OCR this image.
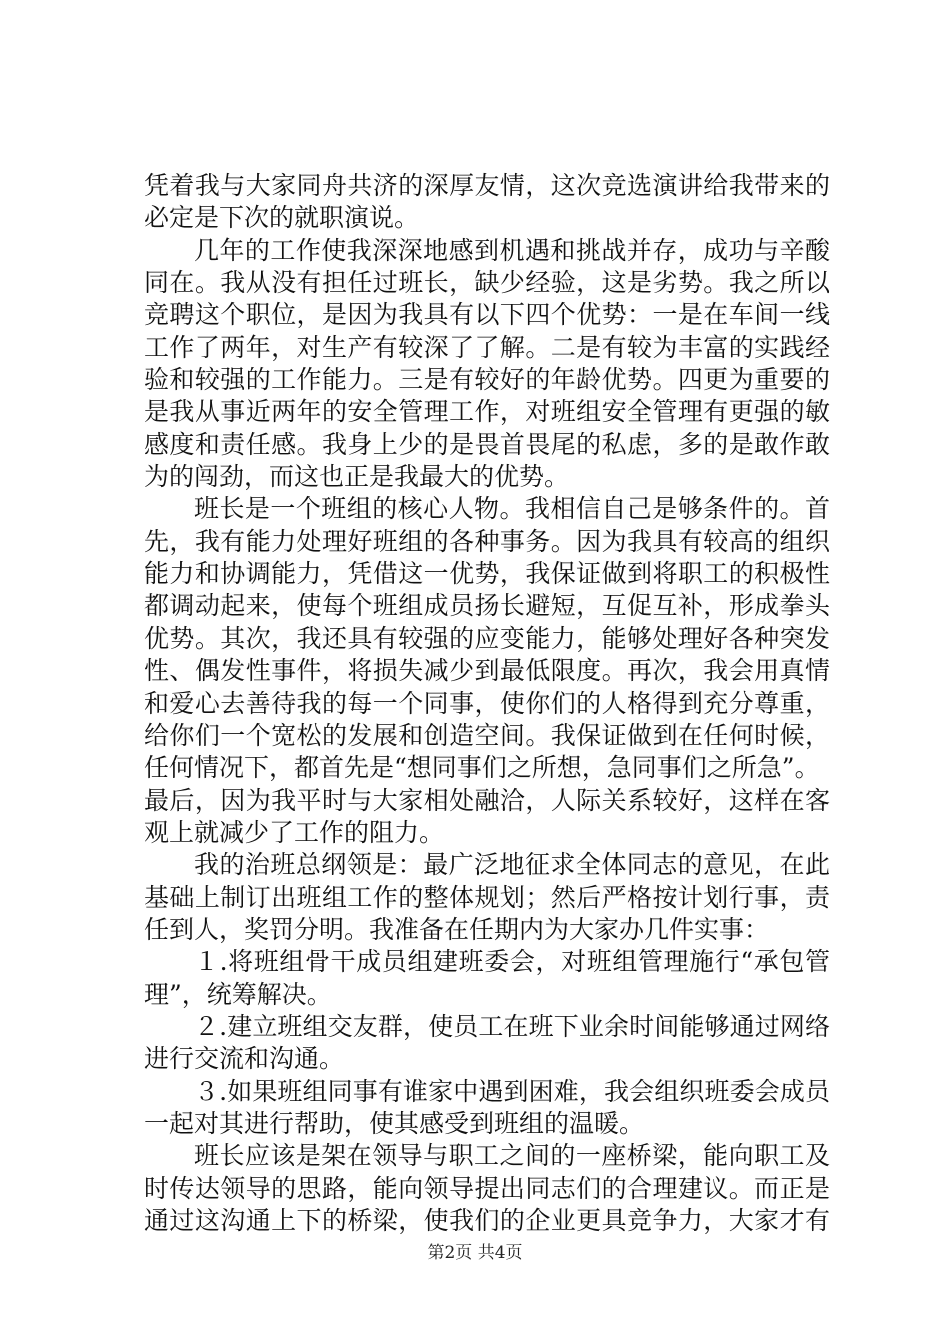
凭着我与大家同舟共济的深厚友情，这次竞选演讲给我带来的
必定是下次的就职演说。
几年的工作使我深深地感到机遇和挑战并存，成功与辛酸
同在。我从没有担任过班长，缺少经验，这是劣势。我之所以
竞聘这个职位，是因为我具有以下四个优势：一是在车间一线
工作了两年，对生产有较深了了解。二是有较为丰富的实践经
验和较强的工作能力。三是有较好的年龄优势。四更为重要的
是我从事近两年的安全管理工作，对班组安全管理有更强的敏
感度和责任感。我身上少的是畏首畏尾的私虑，多的是敢作敢
为的闯劲，而这也正是我最大的优势。
班长是一个班组的核心人物。我相信自己是够条件的。首
先，我有能力处理好班组的各种事务。因为我具有较高的组织
能力和协调能力，凭借这一优势，我保证做到将职工的积极性
都调动起来，使每个班组成员扬长避短，互促互补，形成拳头
优势。其次，我还具有较强的应变能力，能够处理好各种突发
性、偶发性事件，将损失减少到最低限度。再次，我会用真情
和爱心去善待我的每一个同事，使你们的人格得到充分尊重，
给你们一个宽松的发展和创造空间。我保证做到在任何时候，
任何情况下，都首先是“想同事们之所想，急同事们之所急”。
最后，因为我平时与大家相处融洽，人际关系较好，这样在客
观上就减少了工作的阻力。
我的治班总纲领是：最广泛地征求全体同志的意见，在此
基础上制订出班组工作的整体规划；然后严格按计划行事，责
任到人，奖罚分明。我准备在任期内为大家办几件实事：
１.将班组骨干成员组建班委会，对班组管理施行“承包管
理”，统筹解决。
２.建立班组交友群，使员工在班下业余时间能够通过网络
进行交流和沟通。
３.如果班组同事有谁家中遇到困难，我会组织班委会成员
一起对其进行帮助，使其感受到班组的温暖。
班长应该是架在领导与职工之间的一座桥梁，能向职工及
时传达领导的思路，能向领导提出同志们的合理建议。而正是
通过这沟通上下的桥梁，使我们的企业更具竞争力，大家才有
第2页 共4页
